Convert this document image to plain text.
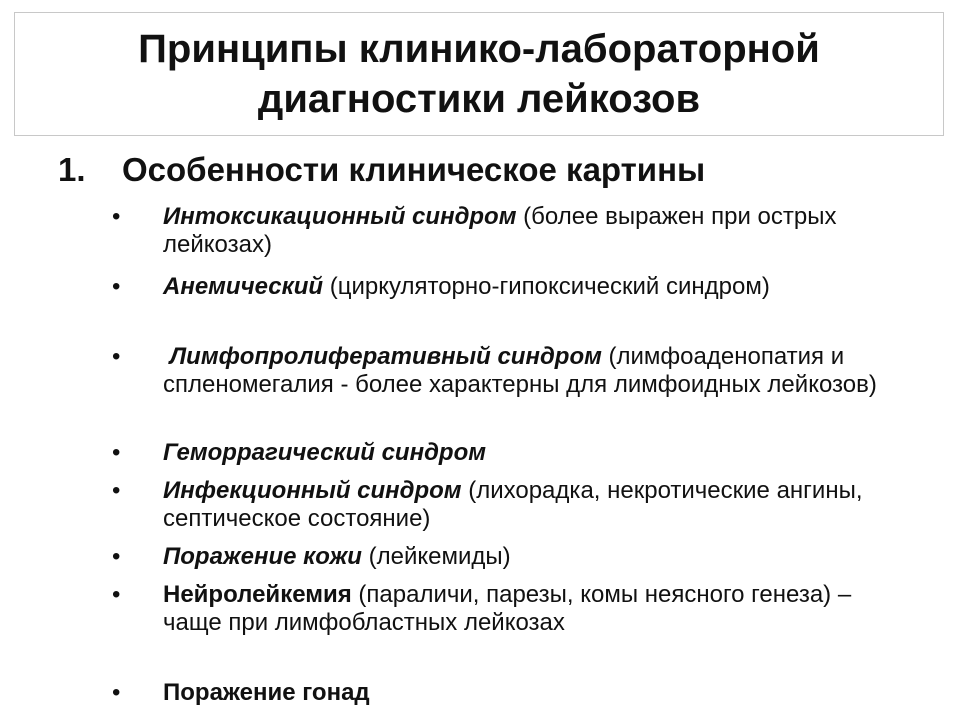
Принципы клинико-лабораторной
диагностики лейкозов
1. Особенности клиническое картины
• Интоксикационный синдром (более выражен при острых лейкозах)
• Анемический (циркуляторно-гипоксический синдром)
• Лимфопролиферативный синдром (лимфоаденопатия и спленомегалия - более характерны для лимфоидных лейкозов)
• Геморрагический синдром
• Инфекционный синдром (лихорадка, некротические ангины, септическое состояние)
• Поражение кожи (лейкемиды)
• Нейролейкемия (параличи, парезы, комы неясного генеза) – чаще при лимфобластных лейкозах
• Поражение гонад
